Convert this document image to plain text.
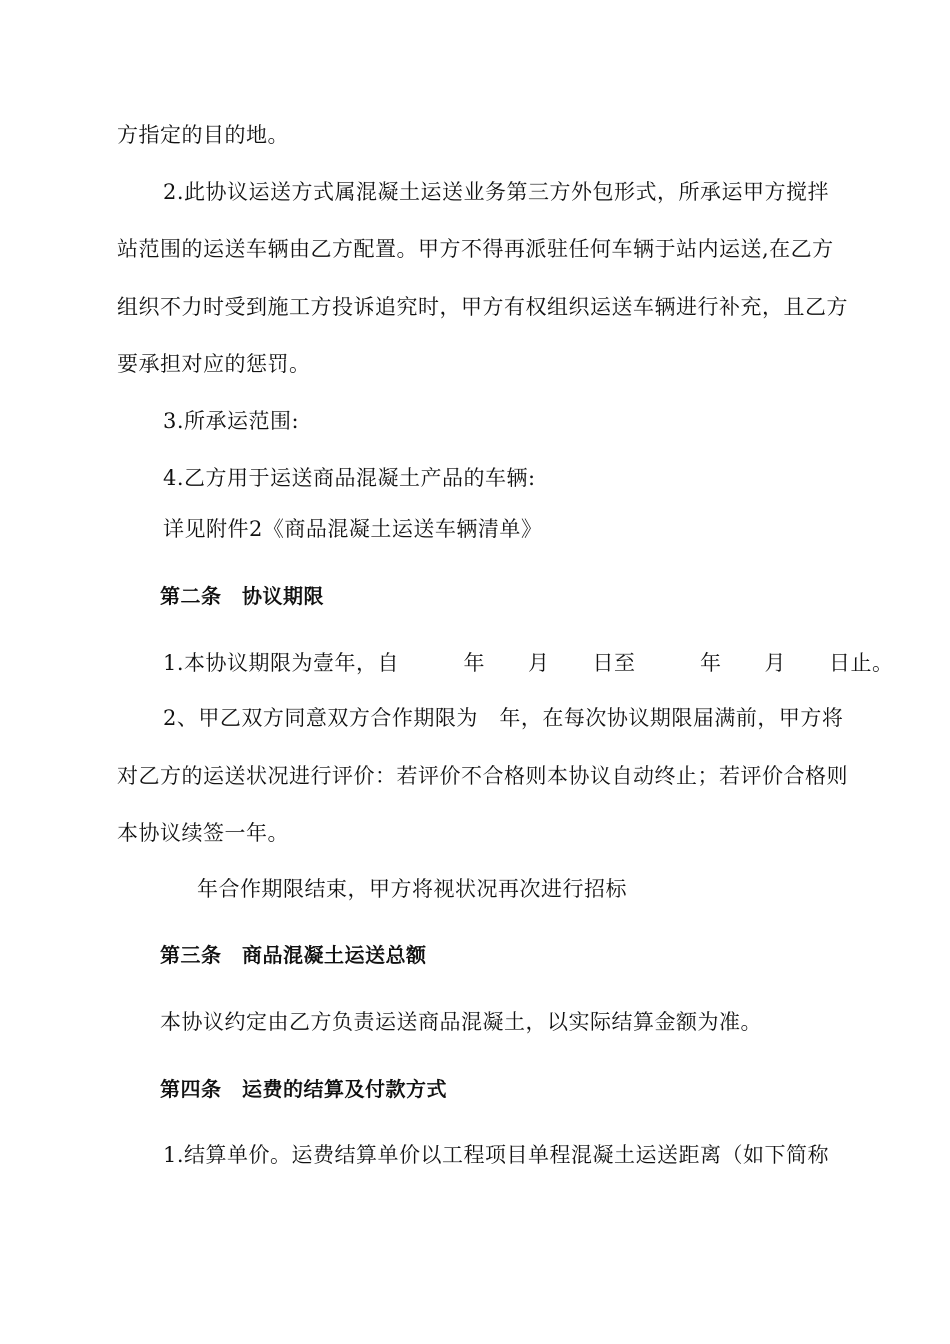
方指定的目的地。
2.此协议运送方式属混凝土运送业务第三方外包形式，所承运甲方搅拌
站范围的运送车辆由乙方配置。甲方不得再派驻任何车辆于站内运送,在乙方
组织不力时受到施工方投诉追究时，甲方有权组织运送车辆进行补充，且乙方
要承担对应的惩罚。
3.所承运范围:
4.乙方用于运送商品混凝土产品的车辆:
详见附件2《商品混凝土运送车辆清单》
第二条　协议期限
1.本协议期限为壹年，自　　　年　　月　　日至　　　年　　月　　日止。
2、甲乙双方同意双方合作期限为　年，在每次协议期限届满前，甲方将
对乙方的运送状况进行评价：若评价不合格则本协议自动终止；若评价合格则
本协议续签一年。
年合作期限结束，甲方将视状况再次进行招标
第三条　商品混凝土运送总额
本协议约定由乙方负责运送商品混凝土，以实际结算金额为准。
第四条　运费的结算及付款方式
1.结算单价。运费结算单价以工程项目单程混凝土运送距离（如下简称
